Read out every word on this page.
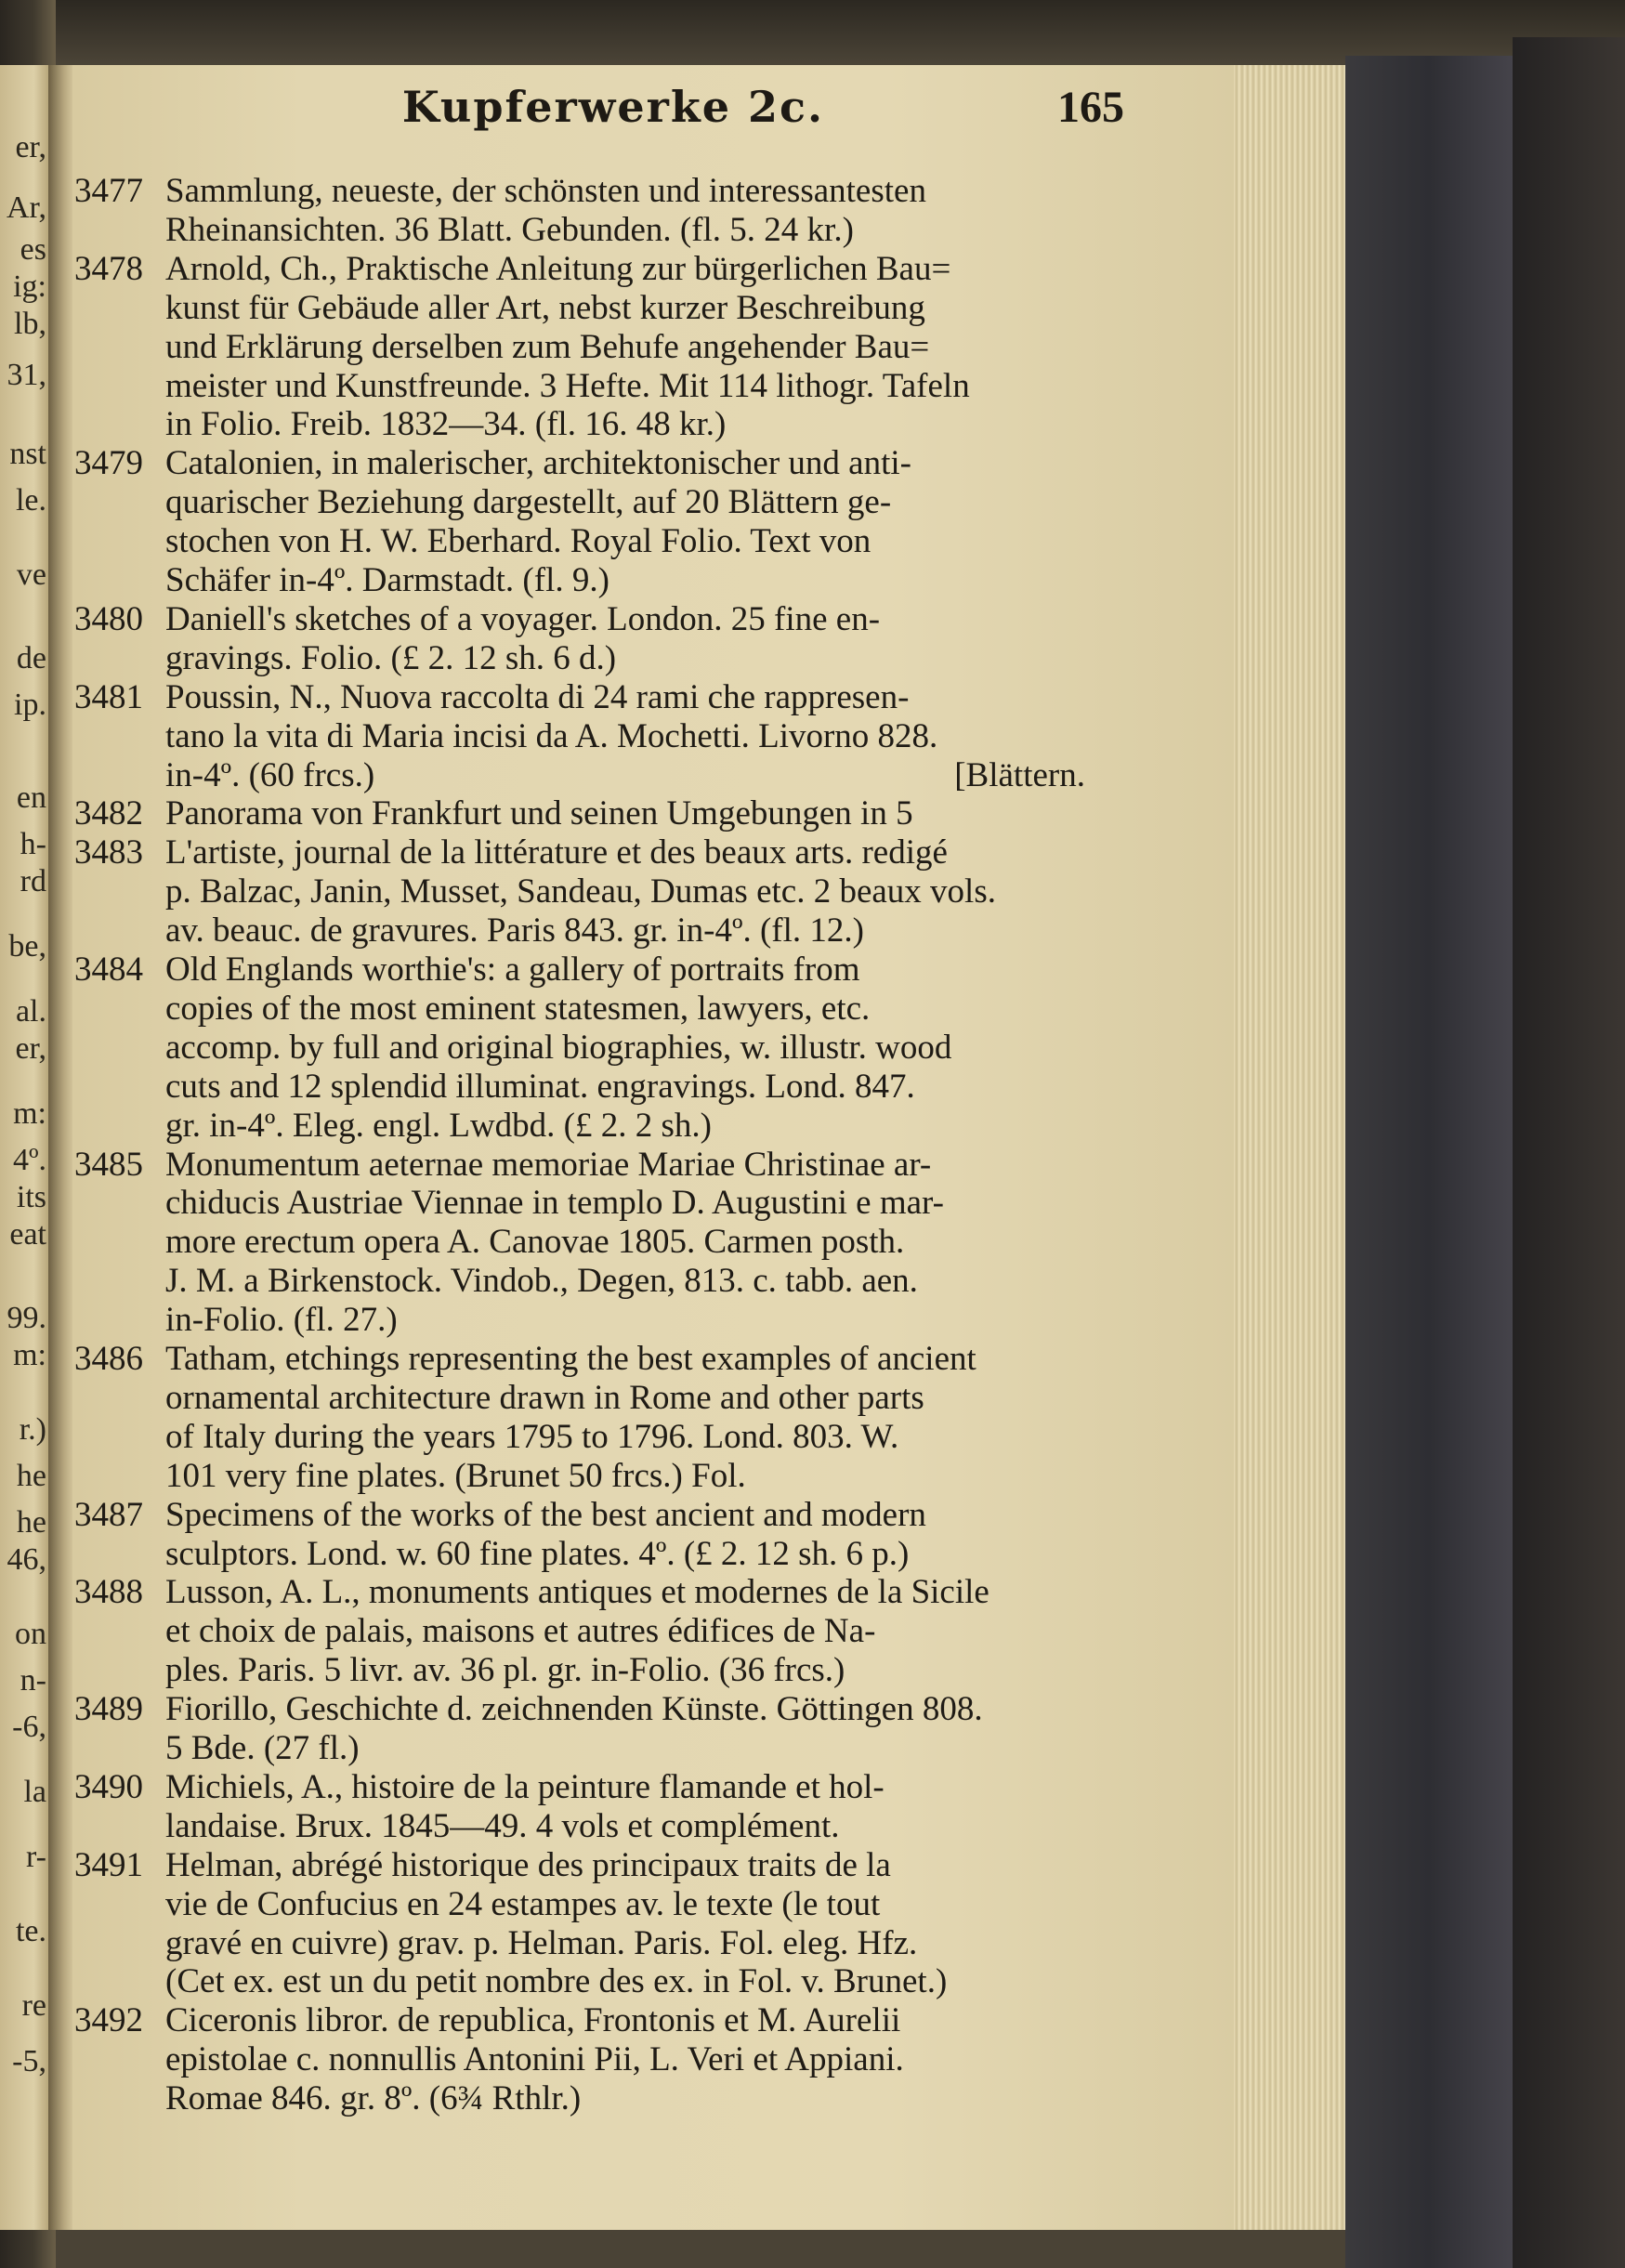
er,
Ar,
es
ig:
lb,
31,
nst
le.
ve
de
ip.
en
h-
rd
be,
al.
er,
m:
4º.
its
eat
99.
m:
r.)
he
he
46,
on
n-
-6,
la
r-
te.
re
-5,
Kupferwerke 2c.	165
3477 Sammlung, neueste, der schönsten und interessantesten
Rheinansichten. 36 Blatt. Gebunden. (fl. 5. 24 kr.)
3478 Arnold, Ch., Praktische Anleitung zur bürgerlichen Bau=
kunst für Gebäude aller Art, nebst kurzer Beschreibung
und Erklärung derselben zum Behufe angehender Bau=
meister und Kunstfreunde. 3 Hefte. Mit 114 lithogr. Tafeln
in Folio. Freib. 1832—34. (fl. 16. 48 kr.)
3479 Catalonien, in malerischer, architektonischer und anti-
quarischer Beziehung dargestellt, auf 20 Blättern ge-
stochen von H. W. Eberhard. Royal Folio. Text von
Schäfer in-4º. Darmstadt. (fl. 9.)
3480 Daniell's sketches of a voyager. London. 25 fine en-
gravings. Folio. (£ 2. 12 sh. 6 d.)
3481 Poussin, N., Nuova raccolta di 24 rami che rappresen-
tano la vita di Maria incisi da A. Mochetti. Livorno 828.
in-4º. (60 frcs.)	[Blättern.
3482 Panorama von Frankfurt und seinen Umgebungen in 5
3483 L'artiste, journal de la littérature et des beaux arts. redigé
p. Balzac, Janin, Musset, Sandeau, Dumas etc. 2 beaux vols.
av. beauc. de gravures. Paris 843. gr. in-4º. (fl. 12.)
3484 Old Englands worthie's: a gallery of portraits from
copies of the most eminent statesmen, lawyers, etc.
accomp. by full and original biographies, w. illustr. wood
cuts and 12 splendid illuminat. engravings. Lond. 847.
gr. in-4º. Eleg. engl. Lwdbd. (£ 2. 2 sh.)
3485 Monumentum aeternae memoriae Mariae Christinae ar-
chiducis Austriae Viennae in templo D. Augustini e mar-
more erectum opera A. Canovae 1805. Carmen posth.
J. M. a Birkenstock. Vindob., Degen, 813. c. tabb. aen.
in-Folio. (fl. 27.)
3486 Tatham, etchings representing the best examples of ancient
ornamental architecture drawn in Rome and other parts
of Italy during the years 1795 to 1796. Lond. 803. W.
101 very fine plates. (Brunet 50 frcs.) Fol.
3487 Specimens of the works of the best ancient and modern
sculptors. Lond. w. 60 fine plates. 4º. (£ 2. 12 sh. 6 p.)
3488 Lusson, A. L., monuments antiques et modernes de la Sicile
et choix de palais, maisons et autres édifices de Na-
ples. Paris. 5 livr. av. 36 pl. gr. in-Folio. (36 frcs.)
3489 Fiorillo, Geschichte d. zeichnenden Künste. Göttingen 808.
5 Bde. (27 fl.)
3490 Michiels, A., histoire de la peinture flamande et hol-
landaise. Brux. 1845—49. 4 vols et complément.
3491 Helman, abrégé historique des principaux traits de la
vie de Confucius en 24 estampes av. le texte (le tout
gravé en cuivre) grav. p. Helman. Paris. Fol. eleg. Hfz.
(Cet ex. est un du petit nombre des ex. in Fol. v. Brunet.)
3492 Ciceronis libror. de republica, Frontonis et M. Aurelii
epistolae c. nonnullis Antonini Pii, L. Veri et Appiani.
Romae 846. gr. 8º. (6¾ Rthlr.)
